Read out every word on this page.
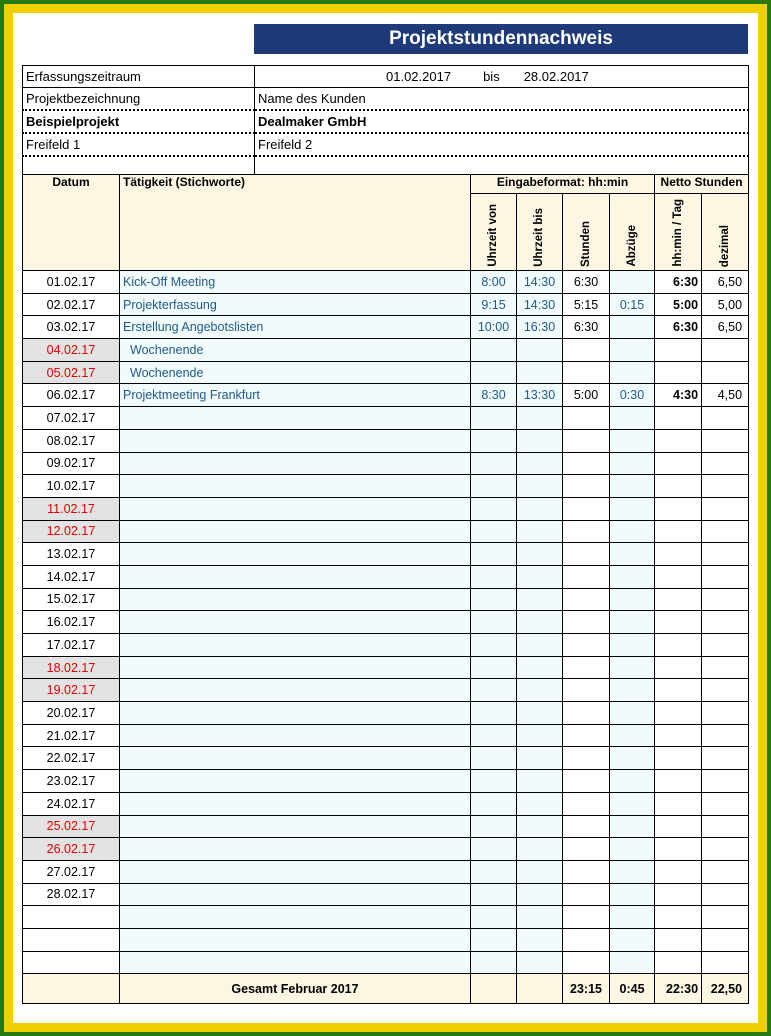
Projektstundennachweis
Erfassungszeitraum	01.02.2017 bis 28.02.2017

Projektbezeichnung	Name des Kunden
Beispielprojekt	Dealmaker GmbH
Freifeld 1	Freifeld 2

Datum	Tätigkeit (Stichworte)	Eingabeformat: hh:min				Netto Stunden	
		Uhrzeit von	Uhrzeit bis	Stunden	Abzüge	hh:min / Tag	dezimal
01.02.17	Kick-Off Meeting	8:00	14:30	6:30		6:30	6,50
02.02.17	Projekterfassung	9:15	14:30	5:15	0:15	5:00	5,00
03.02.17	Erstellung Angebotslisten	10:00	16:30	6:30		6:30	6,50
04.02.17	Wochenende						
05.02.17	Wochenende						
06.02.17	Projektmeeting Frankfurt	8:30	13:30	5:00	0:30	4:30	4,50
07.02.17							
08.02.17							
09.02.17							
10.02.17							
11.02.17							
12.02.17							
13.02.17							
14.02.17							
15.02.17							
16.02.17							
17.02.17							
18.02.17							
19.02.17							
20.02.17							
21.02.17							
22.02.17							
23.02.17							
24.02.17							
25.02.17							
26.02.17							
27.02.17							
28.02.17							

	Gesamt Februar 2017			23:15	0:45	22:30	22,50
